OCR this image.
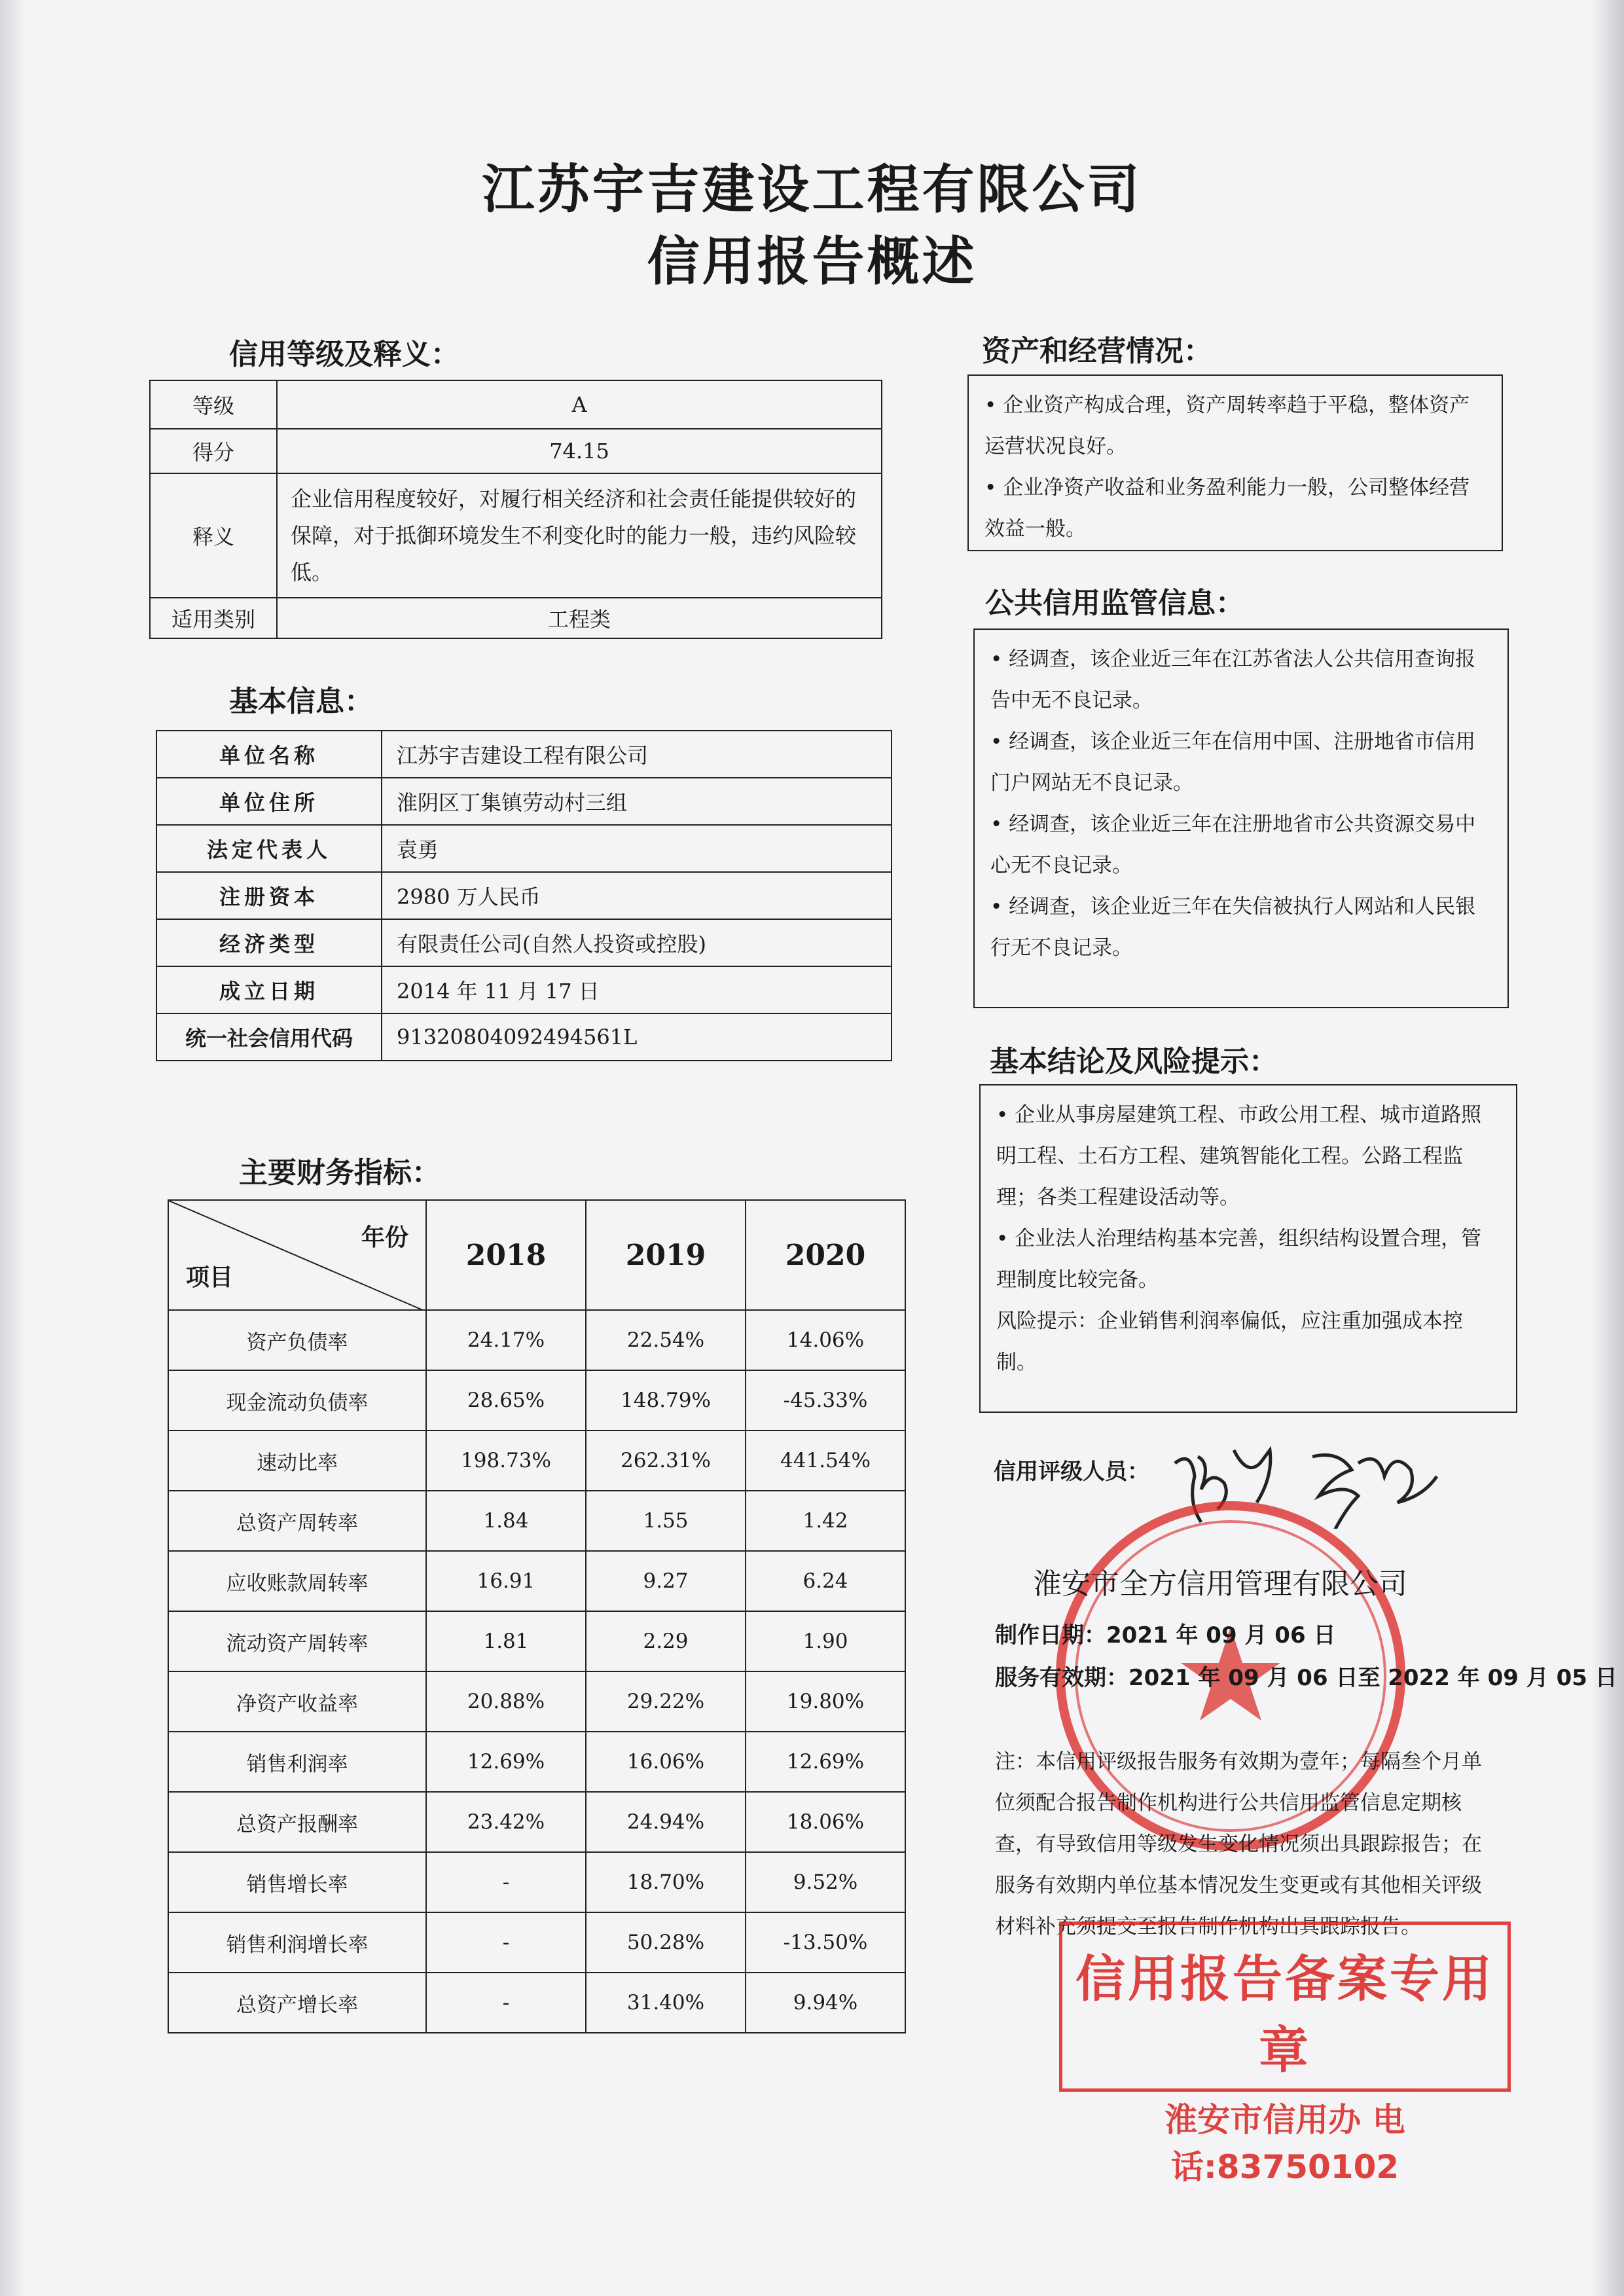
江苏宇吉建设工程有限公司
信用报告概述
信用等级及释义：
等级	A
得分	74.15
释义	企业信用程度较好，对履行相关经济和社会责任能提供较好的保障，对于抵御环境发生不利变化时的能力一般，违约风险较低。
适用类别	工程类
基本信息：
单位名称	江苏宇吉建设工程有限公司
单位住所	淮阴区丁集镇劳动村三组
法定代表人	袁勇
注册资本	2980 万人民币
经济类型	有限责任公司(自然人投资或控股)
成立日期	2014 年 11 月 17 日
统一社会信用代码	91320804092494561L
主要财务指标：
年份
项目	2018	2019	2020
资产负债率	24.17%	22.54%	14.06%
现金流动负债率	28.65%	148.79%	-45.33%
速动比率	198.73%	262.31%	441.54%
总资产周转率	1.84	1.55	1.42
应收账款周转率	16.91	9.27	6.24
流动资产周转率	1.81	2.29	1.90
净资产收益率	20.88%	29.22%	19.80%
销售利润率	12.69%	16.06%	12.69%
总资产报酬率	23.42%	24.94%	18.06%
销售增长率	-	18.70%	9.52%
销售利润增长率	-	50.28%	-13.50%
总资产增长率	-	31.40%	9.94%
资产和经营情况：

• 企业资产构成合理，资产周转率趋于平稳，整体资产运营状况良好。

• 企业净资产收益和业务盈利能力一般，公司整体经营效益一般。

公共信用监管信息：

• 经调查，该企业近三年在江苏省法人公共信用查询报告中无不良记录。

• 经调查，该企业近三年在信用中国、注册地省市信用门户网站无不良记录。

• 经调查，该企业近三年在注册地省市公共资源交易中心无不良记录。

• 经调查，该企业近三年在失信被执行人网站和人民银行无不良记录。

基本结论及风险提示：

• 企业从事房屋建筑工程、市政公用工程、城市道路照明工程、土石方工程、建筑智能化工程。公路工程监理；各类工程建设活动等。

• 企业法人治理结构基本完善，组织结构设置合理，管理制度比较完备。

风险提示：企业销售利润率偏低，应注重加强成本控制。

信用评级人员：
淮安市全方信用管理有限公司
制作日期：2021 年 09 月 06 日
服务有效期：2021 年 09 月 06 日至 2022 年 09 月 05 日
注：本信用评级报告服务有效期为壹年；每隔叁个月单位须配合报告制作机构进行公共信用监管信息定期核查，有导致信用等级发生变化情况须出具跟踪报告；在服务有效期内单位基本情况发生变更或有其他相关评级材料补充须提交至报告制作机构出具跟踪报告。
信用报告备案专用章
淮安市信用办 电话:83750102
